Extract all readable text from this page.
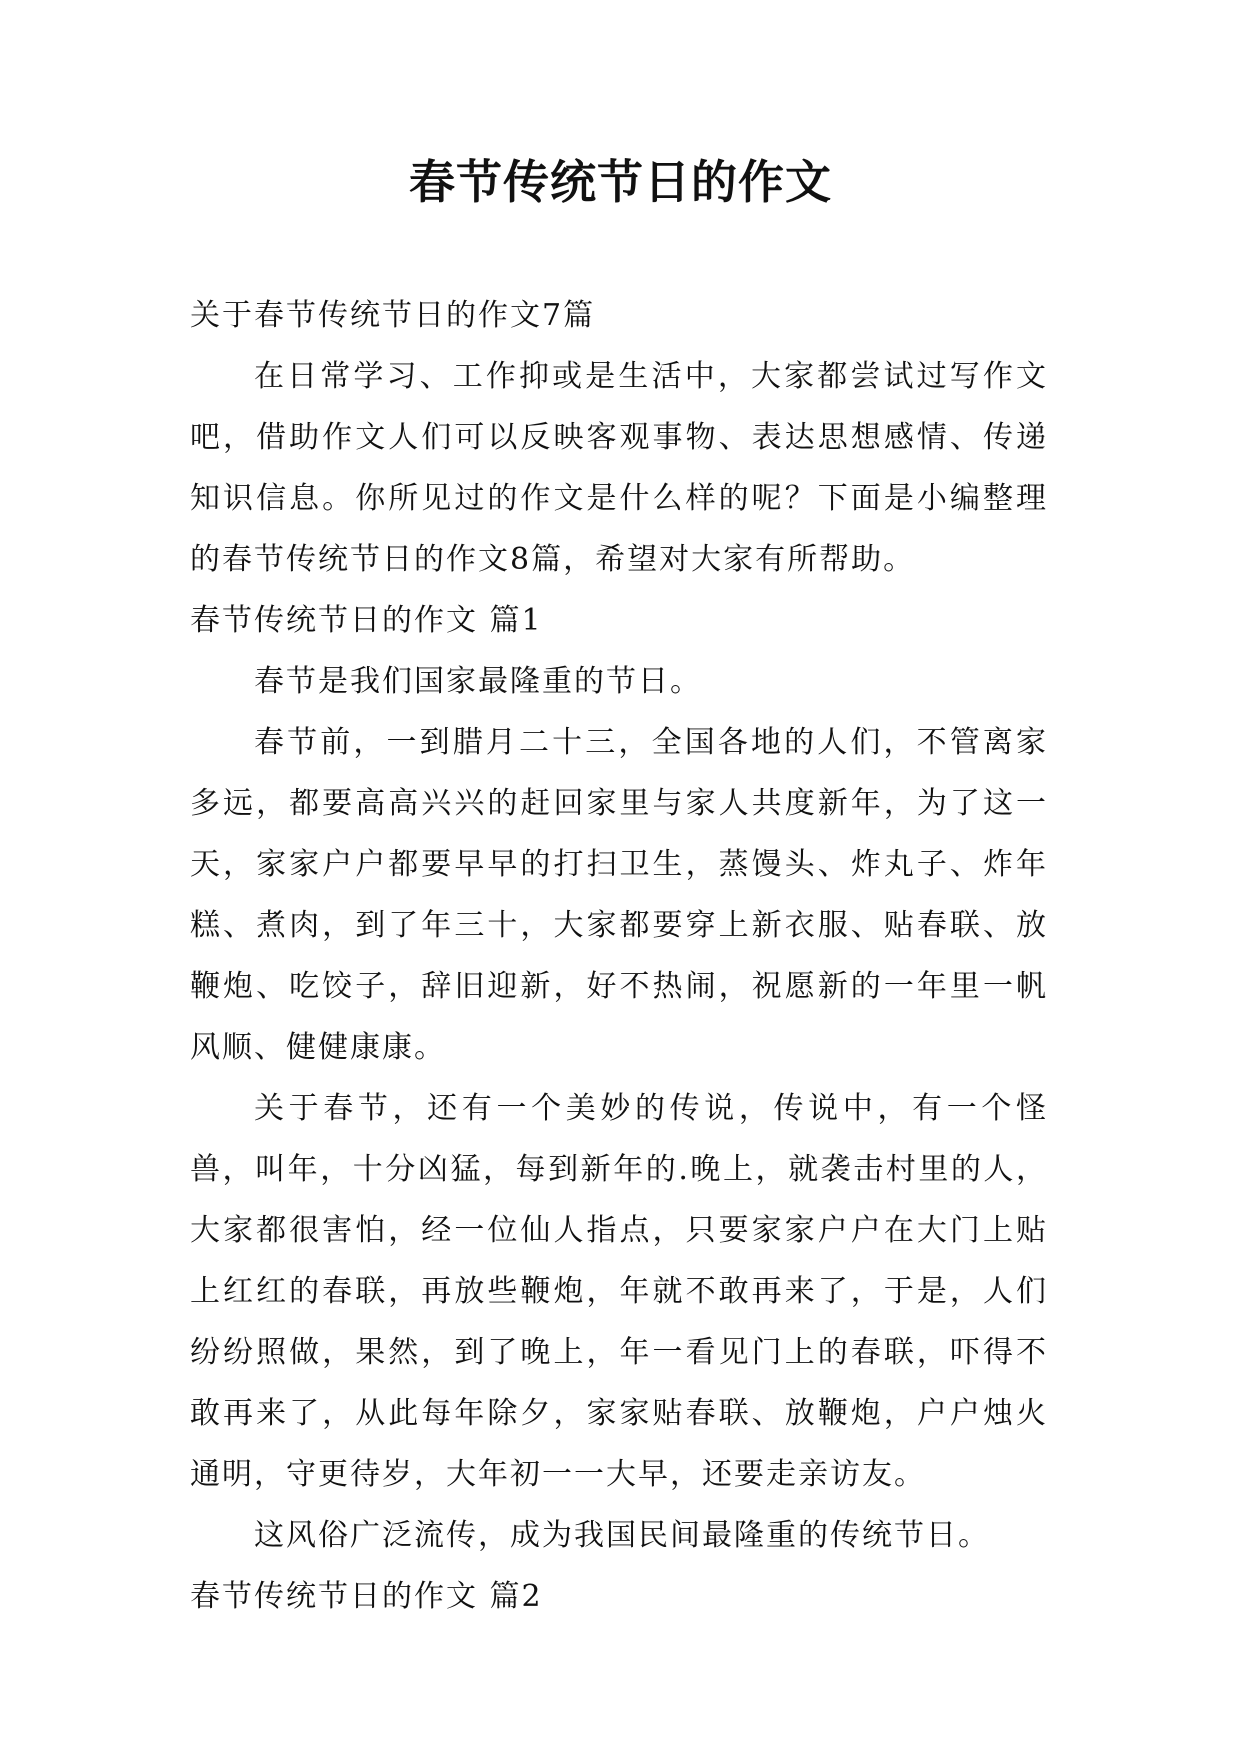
春节传统节日的作文

关于春节传统节日的作文7篇

在日常学习、工作抑或是生活中，大家都尝试过写作文吧，借助作文人们可以反映客观事物、表达思想感情、传递知识信息。你所见过的作文是什么样的呢？下面是小编整理的春节传统节日的作文8篇，希望对大家有所帮助。

春节传统节日的作文 篇1

春节是我们国家最隆重的节日。

春节前，一到腊月二十三，全国各地的人们，不管离家多远，都要高高兴兴的赶回家里与家人共度新年，为了这一天，家家户户都要早早的打扫卫生，蒸馒头、炸丸子、炸年糕、煮肉，到了年三十，大家都要穿上新衣服、贴春联、放鞭炮、吃饺子，辞旧迎新，好不热闹，祝愿新的一年里一帆风顺、健健康康。

关于春节，还有一个美妙的传说，传说中，有一个怪兽，叫年，十分凶猛，每到新年的.晚上，就袭击村里的人，大家都很害怕，经一位仙人指点，只要家家户户在大门上贴上红红的春联，再放些鞭炮，年就不敢再来了，于是，人们纷纷照做，果然，到了晚上，年一看见门上的春联，吓得不敢再来了，从此每年除夕，家家贴春联、放鞭炮，户户烛火通明，守更待岁，大年初一一大早，还要走亲访友。

这风俗广泛流传，成为我国民间最隆重的传统节日。

春节传统节日的作文 篇2
